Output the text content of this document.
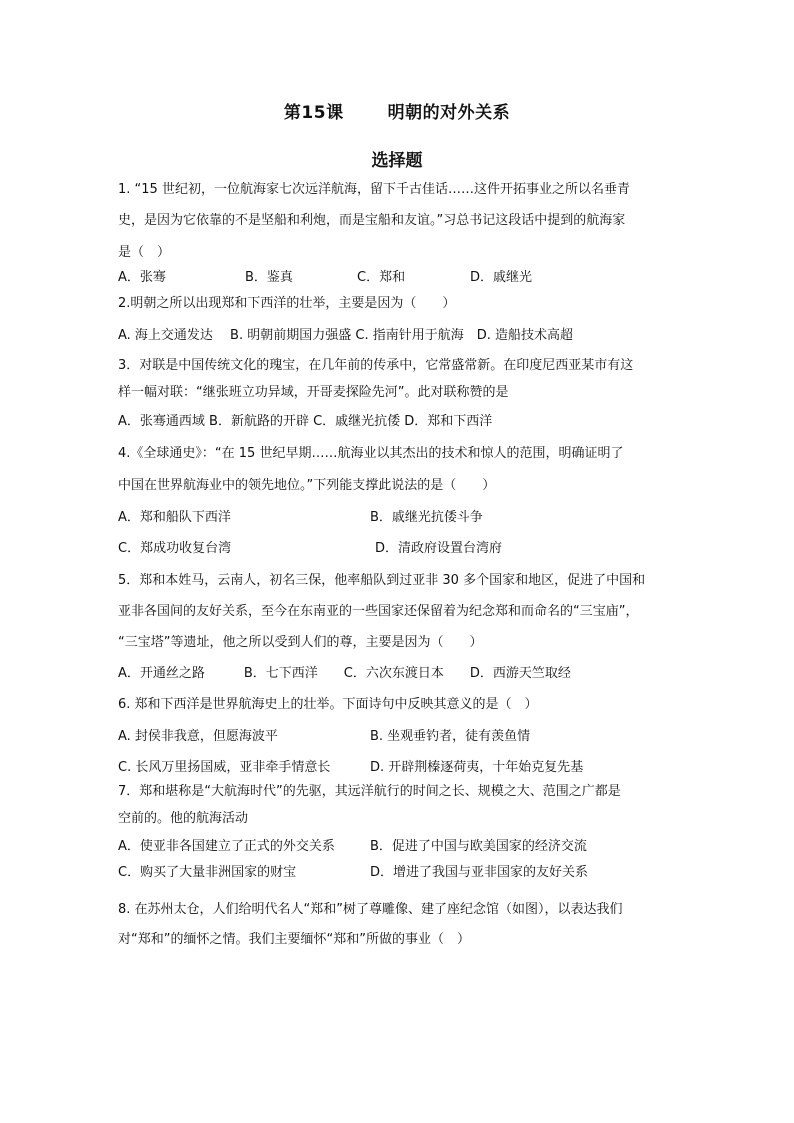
第15课	明朝的对外关系
选择题
1. “15 世纪初，一位航海家七次远洋航海，留下千古佳话……这件开拓事业之所以名垂青
史，是因为它依靠的不是坚船和利炮，而是宝船和友谊。”习总书记这段话中提到的航海家
是（　）
A．张骞	B．鉴真	C．郑和	D．戚继光
2.明朝之所以出现郑和下西洋的壮举，主要是因为（　　）
A. 海上交通发达　 B. 明朝前期国力强盛 C. 指南针用于航海　D. 造船技术高超
3．对联是中国传统文化的瑰宝，在几年前的传承中，它常盛常新。在印度尼西亚某市有这
样一幅对联：“继张班立功异域，开哥麦探险先河”。此对联称赞的是
A．张骞通西域 B．新航路的开辟 C．戚继光抗倭 D．郑和下西洋
4.《全球通史》：“在 15 世纪早期……航海业以其杰出的技术和惊人的范围，明确证明了
中国在世界航海业中的领先地位。”下列能支撑此说法的是（　　）
A．郑和船队下西洋	B．戚继光抗倭斗争
C．郑成功收复台湾	D．清政府设置台湾府
5．郑和本姓马，云南人，初名三保，他率船队到过亚非 30 多个国家和地区，促进了中国和
亚非各国间的友好关系，至今在东南亚的一些国家还保留着为纪念郑和而命名的“三宝庙”，
“三宝塔”等遗址，他之所以受到人们的尊，主要是因为（　　）
A．开通丝之路　　　B．七下西洋　　C．六次东渡日本　　D．西游天竺取经
6. 郑和下西洋是世界航海史上的壮举。下面诗句中反映其意义的是（　）
A. 封侯非我意，但愿海波平	B. 坐观垂钓者，徒有羡鱼情
C. 长风万里扬国威，亚非牵手情意长	D. 开辟荆榛逐荷夷，十年始克复先基
7．郑和堪称是“大航海时代”的先驱，其远洋航行的时间之长、规模之大、范围之广都是
空前的。他的航海活动
A．使亚非各国建立了正式的外交关系	B．促进了中国与欧美国家的经济交流
C．购买了大量非洲国家的财宝	D．增进了我国与亚非国家的友好关系
8. 在苏州太仓，人们给明代名人“郑和”树了尊雕像、建了座纪念馆（如图），以表达我们
对“郑和”的缅怀之情。我们主要缅怀“郑和”所做的事业（　）
